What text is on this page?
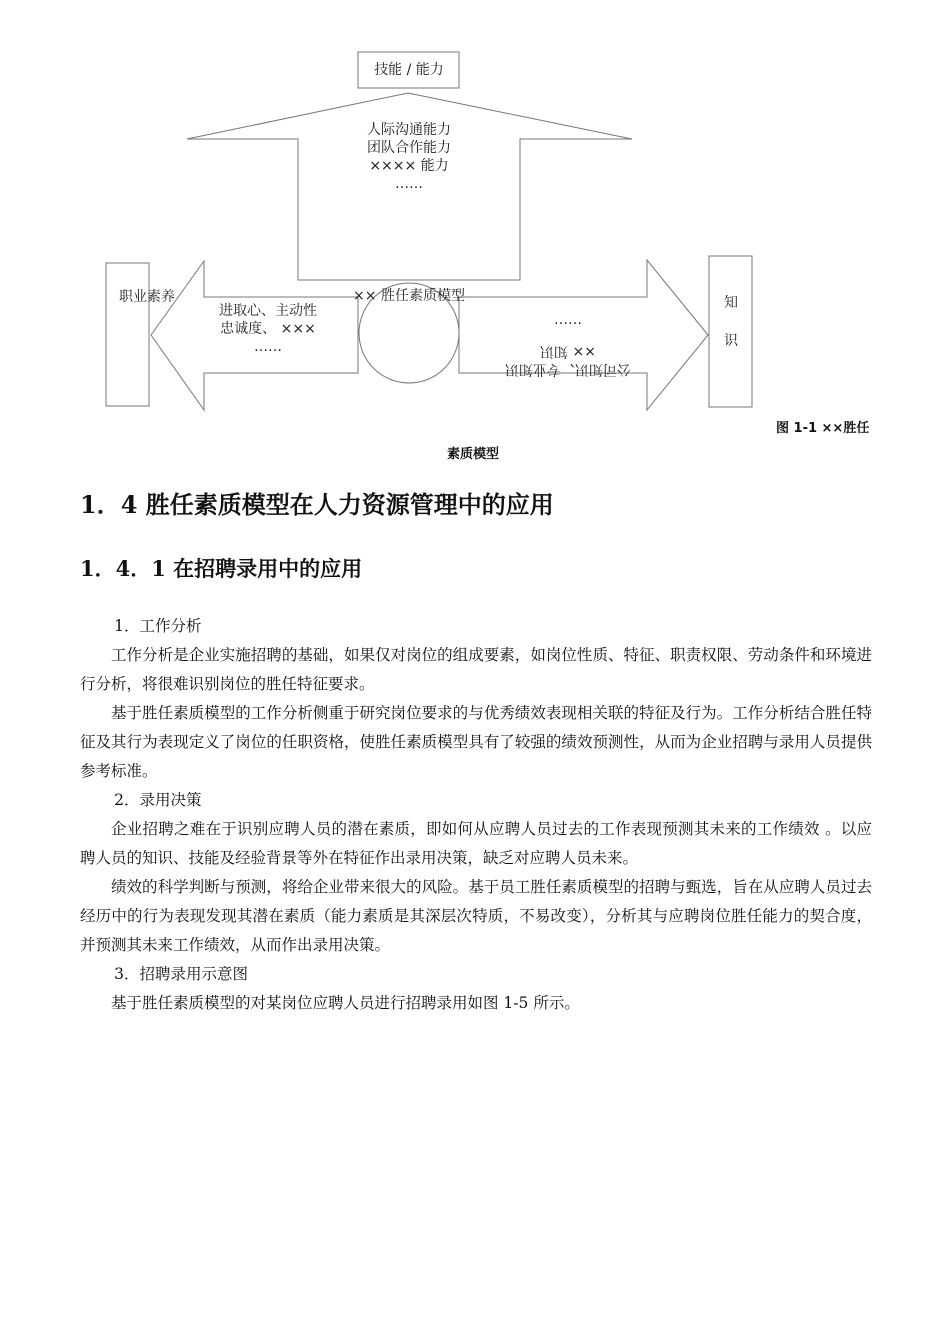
技能 / 能力
人际沟通能力
团队合作能力
×××× 能力
……
×× 胜任素质模型
职业素养
进取心、主动性
忠诚度、 ×××
……
知
识
……
×× 知识
公司知识、专业知识
图 1-1 ××胜任
素质模型
1．4 胜任素质模型在人力资源管理中的应用
1．4．1 在招聘录用中的应用

1．工作分析

工作分析是企业实施招聘的基础，如果仅对岗位的组成要素，如岗位性质、特征、职责权限、劳动条件和环境进行分析，将很难识别岗位的胜任特征要求。

基于胜任素质模型的工作分析侧重于研究岗位要求的与优秀绩效表现相关联的特征及行为。工作分析结合胜任特征及其行为表现定义了岗位的任职资格，使胜任素质模型具有了较强的绩效预测性，从而为企业招聘与录用人员提供参考标准。

2．录用决策

企业招聘之难在于识别应聘人员的潜在素质，即如何从应聘人员过去的工作表现预测其未来的工作绩效 。以应聘人员的知识、技能及经验背景等外在特征作出录用决策，缺乏对应聘人员未来。

绩效的科学判断与预测，将给企业带来很大的风险。基于员工胜任素质模型的招聘与甄选，旨在从应聘人员过去经历中的行为表现发现其潜在素质（能力素质是其深层次特质，不易改变），分析其与应聘岗位胜任能力的契合度，并预测其未来工作绩效，从而作出录用决策。

3．招聘录用示意图

基于胜任素质模型的对某岗位应聘人员进行招聘录用如图 1-5 所示。
